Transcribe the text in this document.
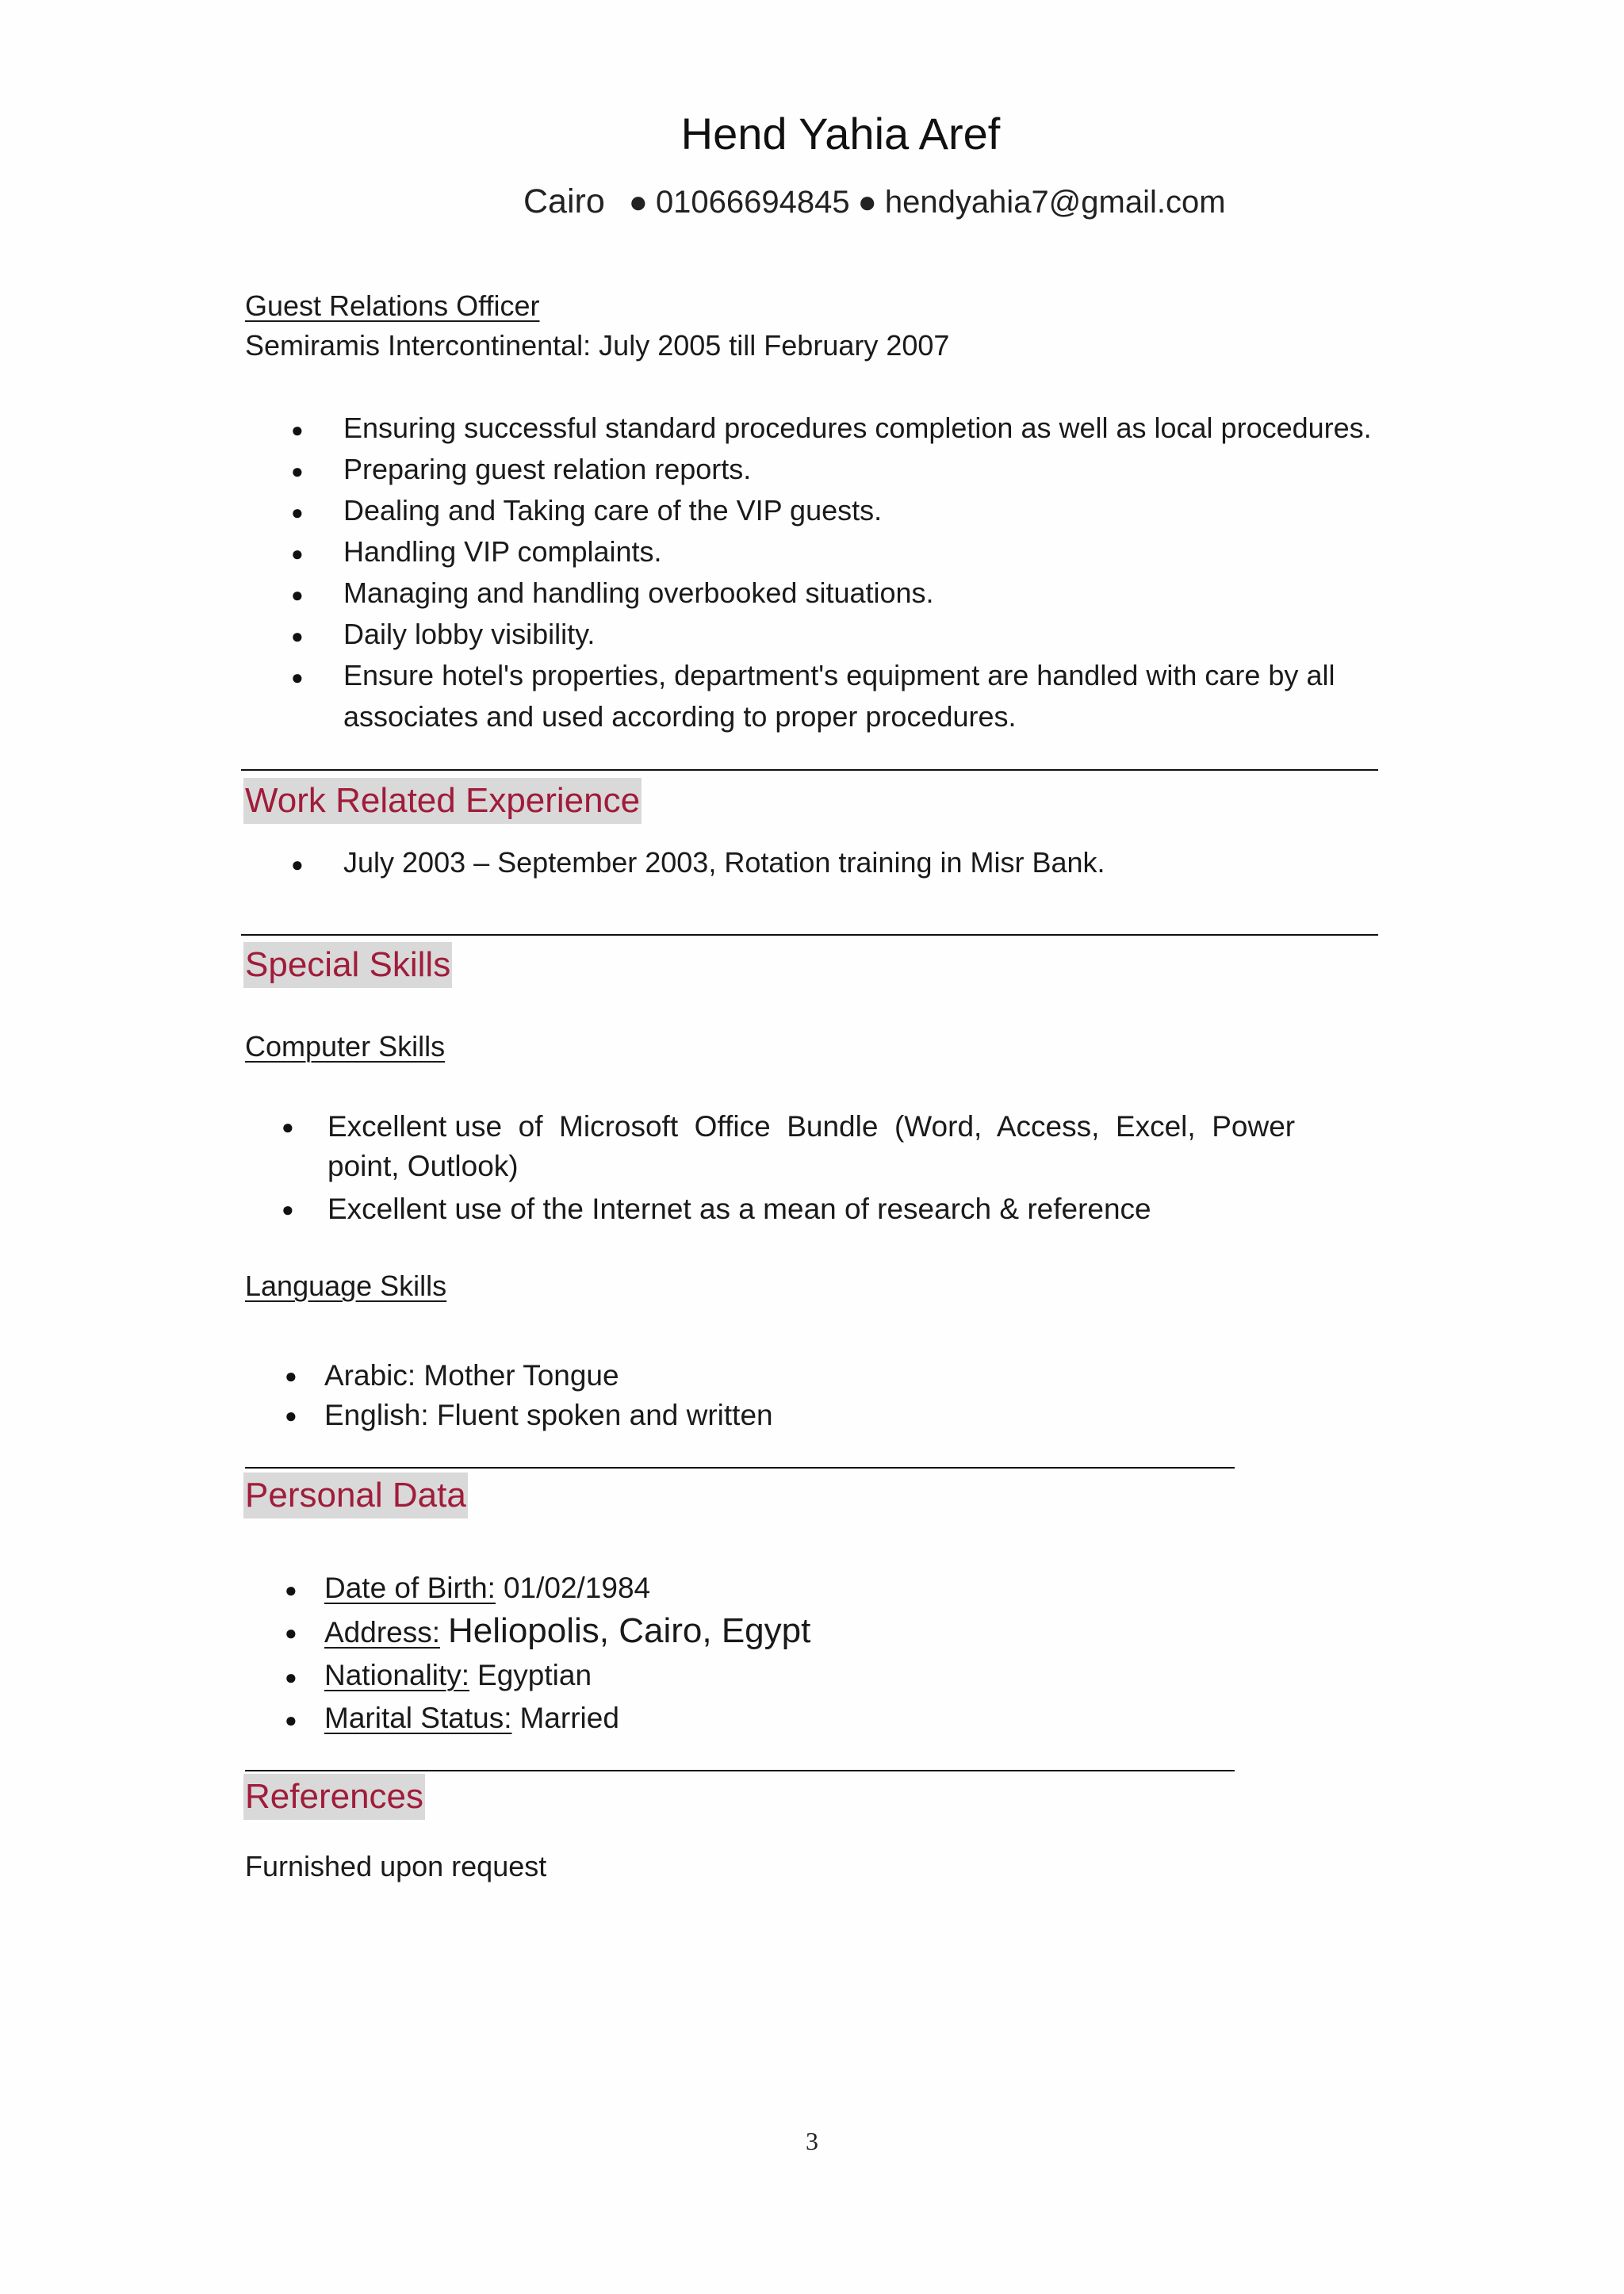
Hend Yahia Aref
Cairo ● 01066694845 ● hendyahia7@gmail.com
Guest Relations Officer
Semiramis Intercontinental: July 2005 till February 2007
● Ensuring successful standard procedures completion as well as local procedures.
● Preparing guest relation reports.
● Dealing and Taking care of the VIP guests.
● Handling VIP complaints.
● Managing and handling overbooked situations.
● Daily lobby visibility.
● Ensure hotel's properties, department's equipment are handled with care by all
associates and used according to proper procedures.
Work Related Experience
● July 2003 – September 2003, Rotation training in Misr Bank.
Special Skills
Computer Skills
● Excellent use  of  Microsoft  Office  Bundle  (Word,  Access,  Excel,  Power
point, Outlook)
● Excellent use of the Internet as a mean of research & reference
Language Skills
● Arabic: Mother Tongue
● English: Fluent spoken and written
Personal Data
● Date of Birth: 01/02/1984
● Address: Heliopolis, Cairo, Egypt
● Nationality: Egyptian
● Marital Status: Married
References
Furnished upon request
3
